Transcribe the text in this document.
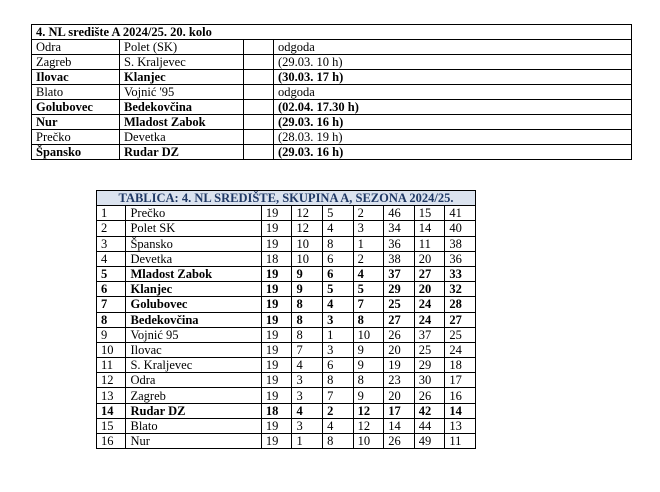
4. NL središte A 2024/25. 20. kolo			
Odra	Polet (SK)		odgoda
Zagreb	S. Kraljevec		(29.03. 10 h)
Ilovac	Klanjec		(30.03. 17 h)
Blato	Vojnić '95		odgoda
Golubovec	Bedekovčina		(02.04. 17.30 h)
Nur	Mladost Zabok		(29.03. 16 h)
Prečko	Devetka		(28.03. 19 h)
Špansko	Rudar DZ		(29.03. 16 h)
TABLICA: 4. NL SREDIŠTE, SKUPINA A, SEZONA 2024/25.								
1	Prečko	19	12	5	2	46	15	41
2	Polet SK	19	12	4	3	34	14	40
3	Špansko	19	10	8	1	36	11	38
4	Devetka	18	10	6	2	38	20	36
5	Mladost Zabok	19	9	6	4	37	27	33
6	Klanjec	19	9	5	5	29	20	32
7	Golubovec	19	8	4	7	25	24	28
8	Bedekovčina	19	8	3	8	27	24	27
9	Vojnić 95	19	8	1	10	26	37	25
10	Ilovac	19	7	3	9	20	25	24
11	S. Kraljevec	19	4	6	9	19	29	18
12	Odra	19	3	8	8	23	30	17
13	Zagreb	19	3	7	9	20	26	16
14	Rudar DZ	18	4	2	12	17	42	14
15	Blato	19	3	4	12	14	44	13
16	Nur	19	1	8	10	26	49	11
